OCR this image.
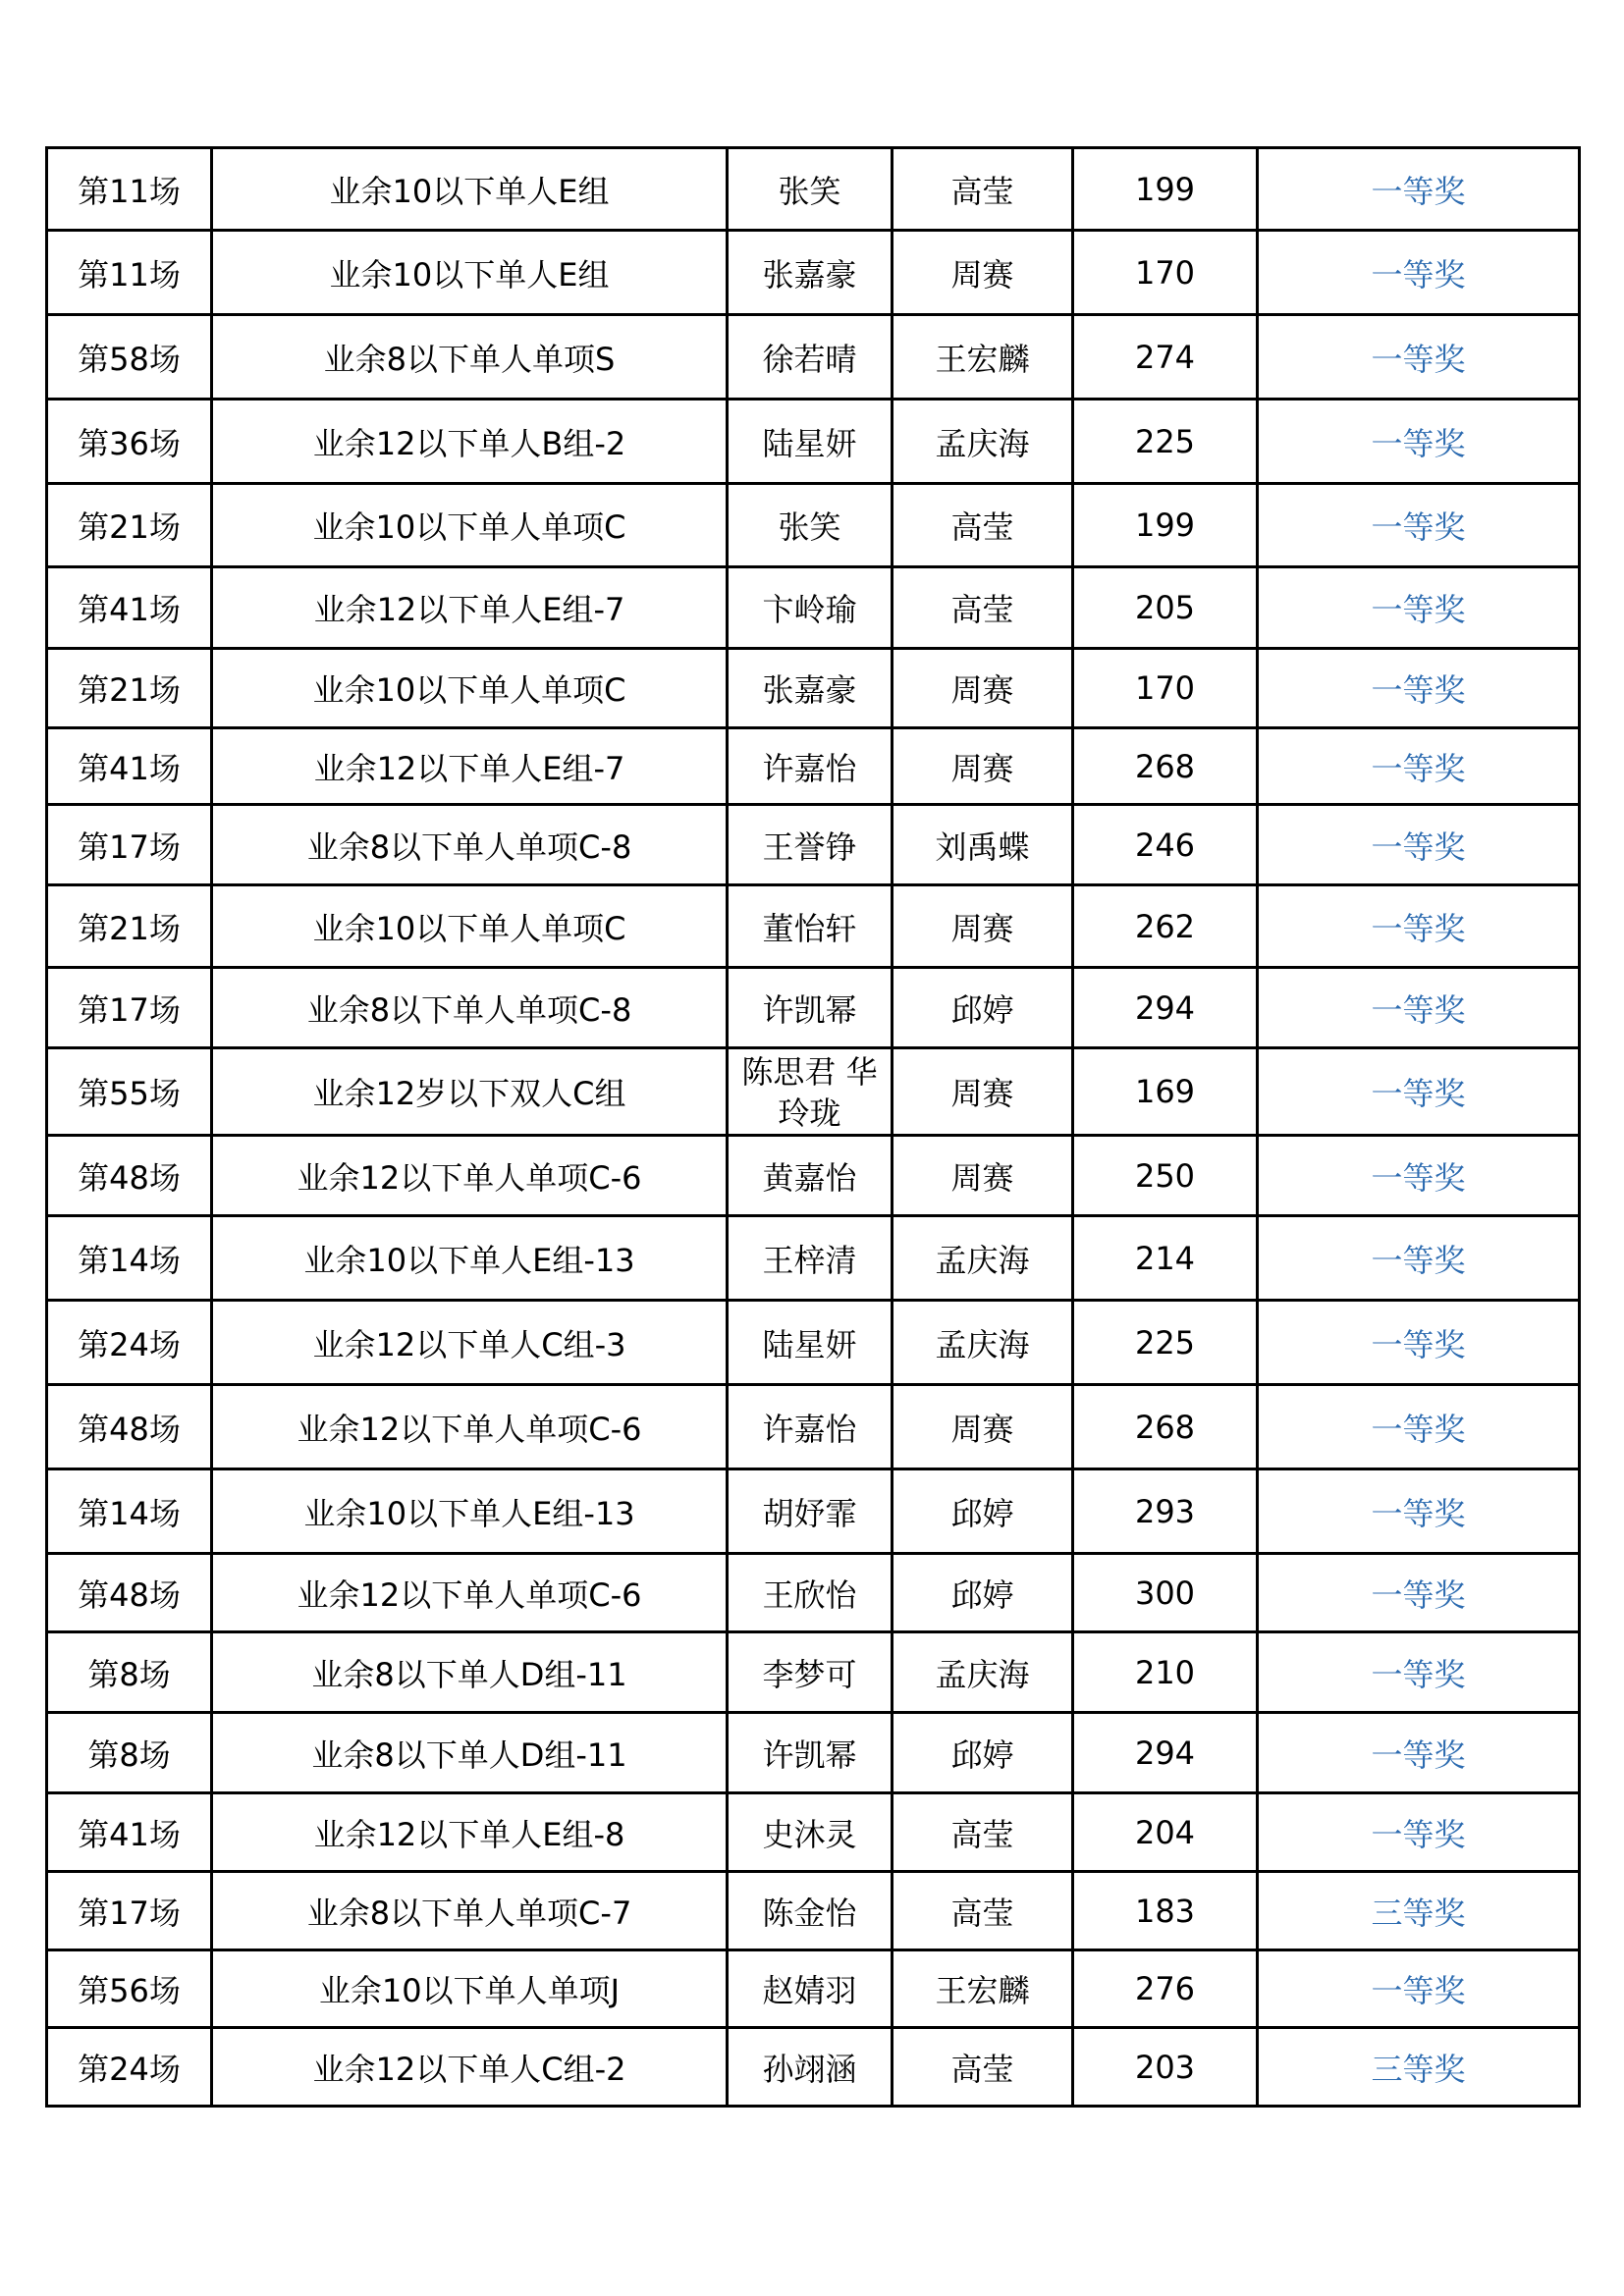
第11场	业余10以下单人E组	张笑	高莹	199	一等奖
第11场	业余10以下单人E组	张嘉豪	周赛	170	一等奖
第58场	业余8以下单人单项S	徐若晴	王宏麟	274	一等奖
第36场	业余12以下单人B组-2	陆星妍	孟庆海	225	一等奖
第21场	业余10以下单人单项C	张笑	高莹	199	一等奖
第41场	业余12以下单人E组-7	卞岭瑜	高莹	205	一等奖
第21场	业余10以下单人单项C	张嘉豪	周赛	170	一等奖
第41场	业余12以下单人E组-7	许嘉怡	周赛	268	一等奖
第17场	业余8以下单人单项C-8	王誉铮	刘禹蝶	246	一等奖
第21场	业余10以下单人单项C	董怡轩	周赛	262	一等奖
第17场	业余8以下单人单项C-8	许凯幂	邱婷	294	一等奖
第55场	业余12岁以下双人C组	陈思君 华玲珑	周赛	169	一等奖
第48场	业余12以下单人单项C-6	黄嘉怡	周赛	250	一等奖
第14场	业余10以下单人E组-13	王梓清	孟庆海	214	一等奖
第24场	业余12以下单人C组-3	陆星妍	孟庆海	225	一等奖
第48场	业余12以下单人单项C-6	许嘉怡	周赛	268	一等奖
第14场	业余10以下单人E组-13	胡妤霏	邱婷	293	一等奖
第48场	业余12以下单人单项C-6	王欣怡	邱婷	300	一等奖
第8场	业余8以下单人D组-11	李梦可	孟庆海	210	一等奖
第8场	业余8以下单人D组-11	许凯幂	邱婷	294	一等奖
第41场	业余12以下单人E组-8	史沐灵	高莹	204	一等奖
第17场	业余8以下单人单项C-7	陈金怡	高莹	183	三等奖
第56场	业余10以下单人单项J	赵婧羽	王宏麟	276	一等奖
第24场	业余12以下单人C组-2	孙翊涵	高莹	203	三等奖
